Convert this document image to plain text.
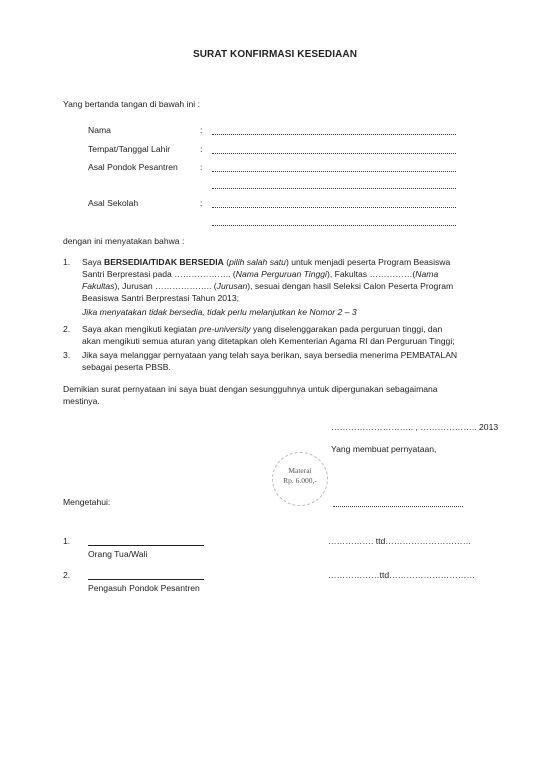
SURAT KONFIRMASI KESEDIAAN
Yang bertanda tangan di bawah ini :
Nama	:
Tempat/Tanggal Lahir	:
Asal Pondok Pesantren	:
Asal Sekolah	:
dengan ini menyatakan bahwa :
1. Saya BERSEDIA/TIDAK BERSEDIA (pilih salah satu) untuk menjadi peserta Program Beasiswa
Santri Berprestasi pada ……………….. (Nama Perguruan Tinggi), Fakultas ……………(Nama
Fakultas), Jurusan ……………….. (Jurusan), sesuai dengan hasil Seleksi Calon Peserta Program
Beasiswa Santri Berprestasi Tahun 2013;
Jika menyatakan tidak bersedia, tidak perlu melanjutkan ke Nomor 2 – 3
2. Saya akan mengikuti kegiatan pre-university yang diselenggarakan pada perguruan tinggi, dan
akan mengikuti semua aturan yang ditetapkan oleh Kementerian Agama RI dan Perguruan Tinggi;
3. Jika saya melanggar pernyataan yang telah saya berikan, saya bersedia menerima PEMBATALAN
sebagai peserta PBSB.
Demikian surat pernyataan ini saya buat dengan sesungguhnya untuk dipergunakan sebagaimana
mestinya.
……………………….. , ……………….. 2013
Yang membuat pernyataan,
Materai
Rp. 6.000,-
Mengetahui:
1.
Orang Tua/Wali
……………. ttd…………………………
2.
Pengasuh Pondok Pesantren
………………ttd…………………………
